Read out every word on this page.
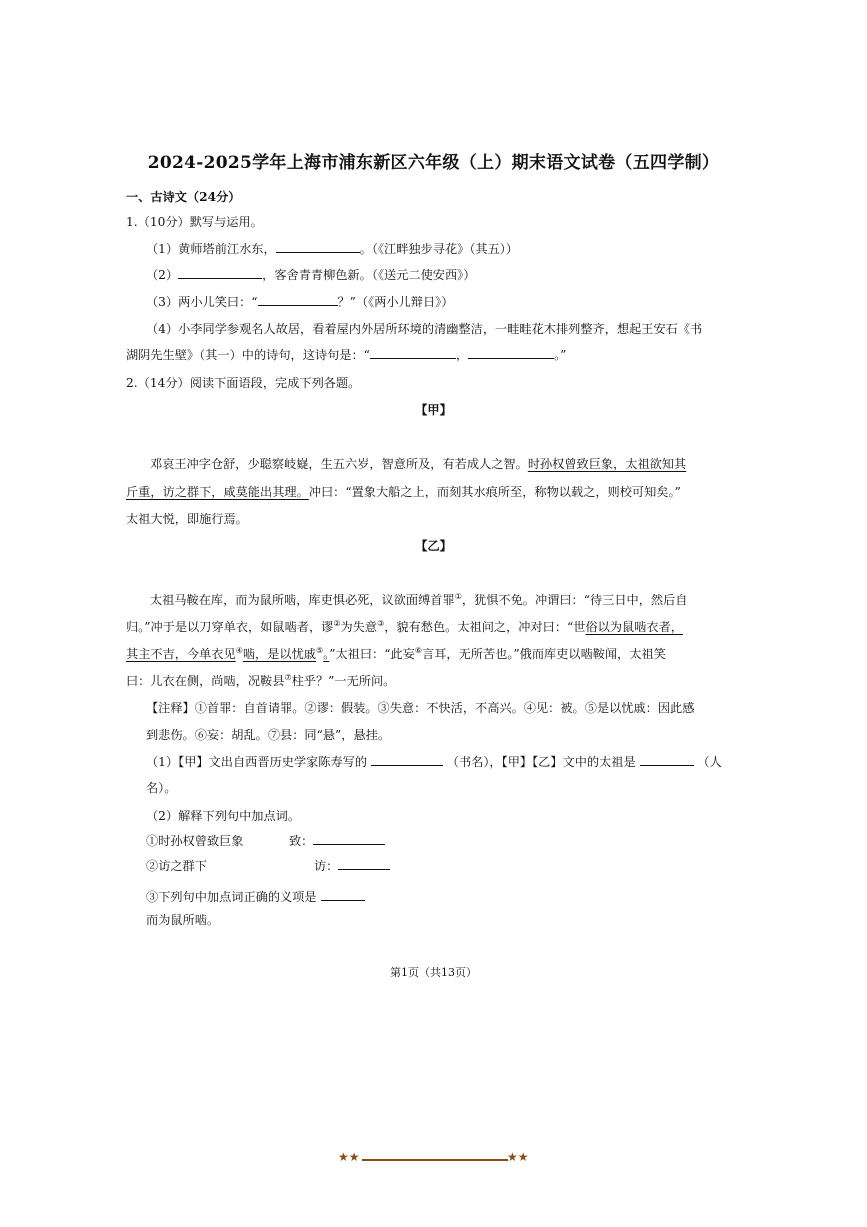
2024-2025学年上海市浦东新区六年级（上）期末语文试卷（五四学制）
一、古诗文（24分）
1.（10分）默写与运用。
（1）黄师塔前江水东，	。（《江畔独步寻花》（其五））
（2）	，客舍青青柳色新。（《送元二使安西》）
（3）两小儿笑曰：“	？”（《两小儿辩日》）
（4）小李同学参观名人故居，看着屋内外居所环境的清幽整洁，一畦畦花木排列整齐，想起王安石《书
湖阴先生壁》（其一）中的诗句，这诗句是：“	，	。”
2.（14分）阅读下面语段，完成下列各题。
【甲】
邓哀王冲字仓舒，少聪察岐嶷，生五六岁，智意所及，有若成人之智。时孙权曾致巨象，太祖欲知其
斤重，访之群下，咸莫能出其理。冲曰：“置象大船之上，而刻其水痕所至，称物以载之，则校可知矣。”
太祖大悦，即施行焉。
【乙】
太祖马鞍在库，而为鼠所啮，库吏惧必死，议欲面缚首罪①，犹惧不免。冲谓曰：“待三日中，然后自
归。”冲于是以刀穿单衣，如鼠啮者，谬②为失意③，貌有愁色。太祖问之，冲对曰：“世俗以为鼠啮衣者，
其主不吉，今单衣见④啮，是以忧戚⑤。”太祖曰：“此妄⑥言耳，无所苦也。”俄而库吏以啮鞍闻，太祖笑
曰：儿衣在侧，尚啮，况鞍县⑦柱乎？”一无所问。
【注释】①首罪：自首请罪。②谬：假装。③失意：不快活，不高兴。④见：被。⑤是以忧戚：因此感
到悲伤。⑥妄：胡乱。⑦县：同“悬”，悬挂。
（1）【甲】文出自西晋历史学家陈寿写的	（书名），【甲】【乙】文中的太祖是	（人
名）。
（2）解释下列句中加点词。
①时孙权曾致巨象	致：
②访之群下	访：
③下列句中加点词正确的义项是
而为鼠所啮。
第1页（共13页）
★★	★★
